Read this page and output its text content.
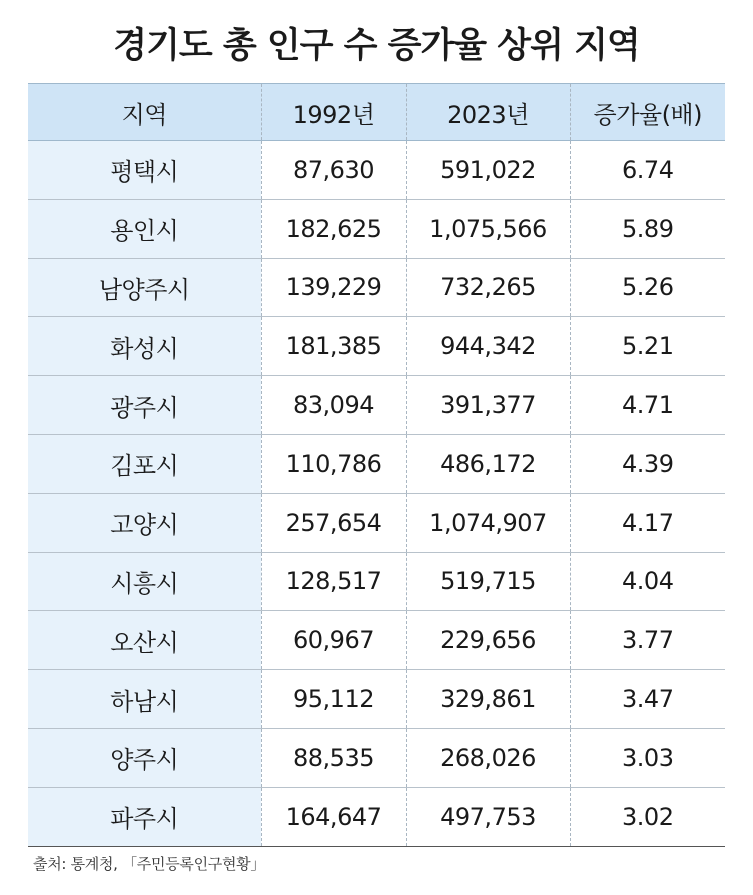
경기도 총 인구 수 증가율 상위 지역
지역	1992년	2023년	증가율(배)
평택시	87,630	591,022	6.74
용인시	182,625	1,075,566	5.89
남양주시	139,229	732,265	5.26
화성시	181,385	944,342	5.21
광주시	83,094	391,377	4.71
김포시	110,786	486,172	4.39
고양시	257,654	1,074,907	4.17
시흥시	128,517	519,715	4.04
오산시	60,967	229,656	3.77
하남시	95,112	329,861	3.47
양주시	88,535	268,026	3.03
파주시	164,647	497,753	3.02
출처: 통계청, 「주민등록인구현황」
